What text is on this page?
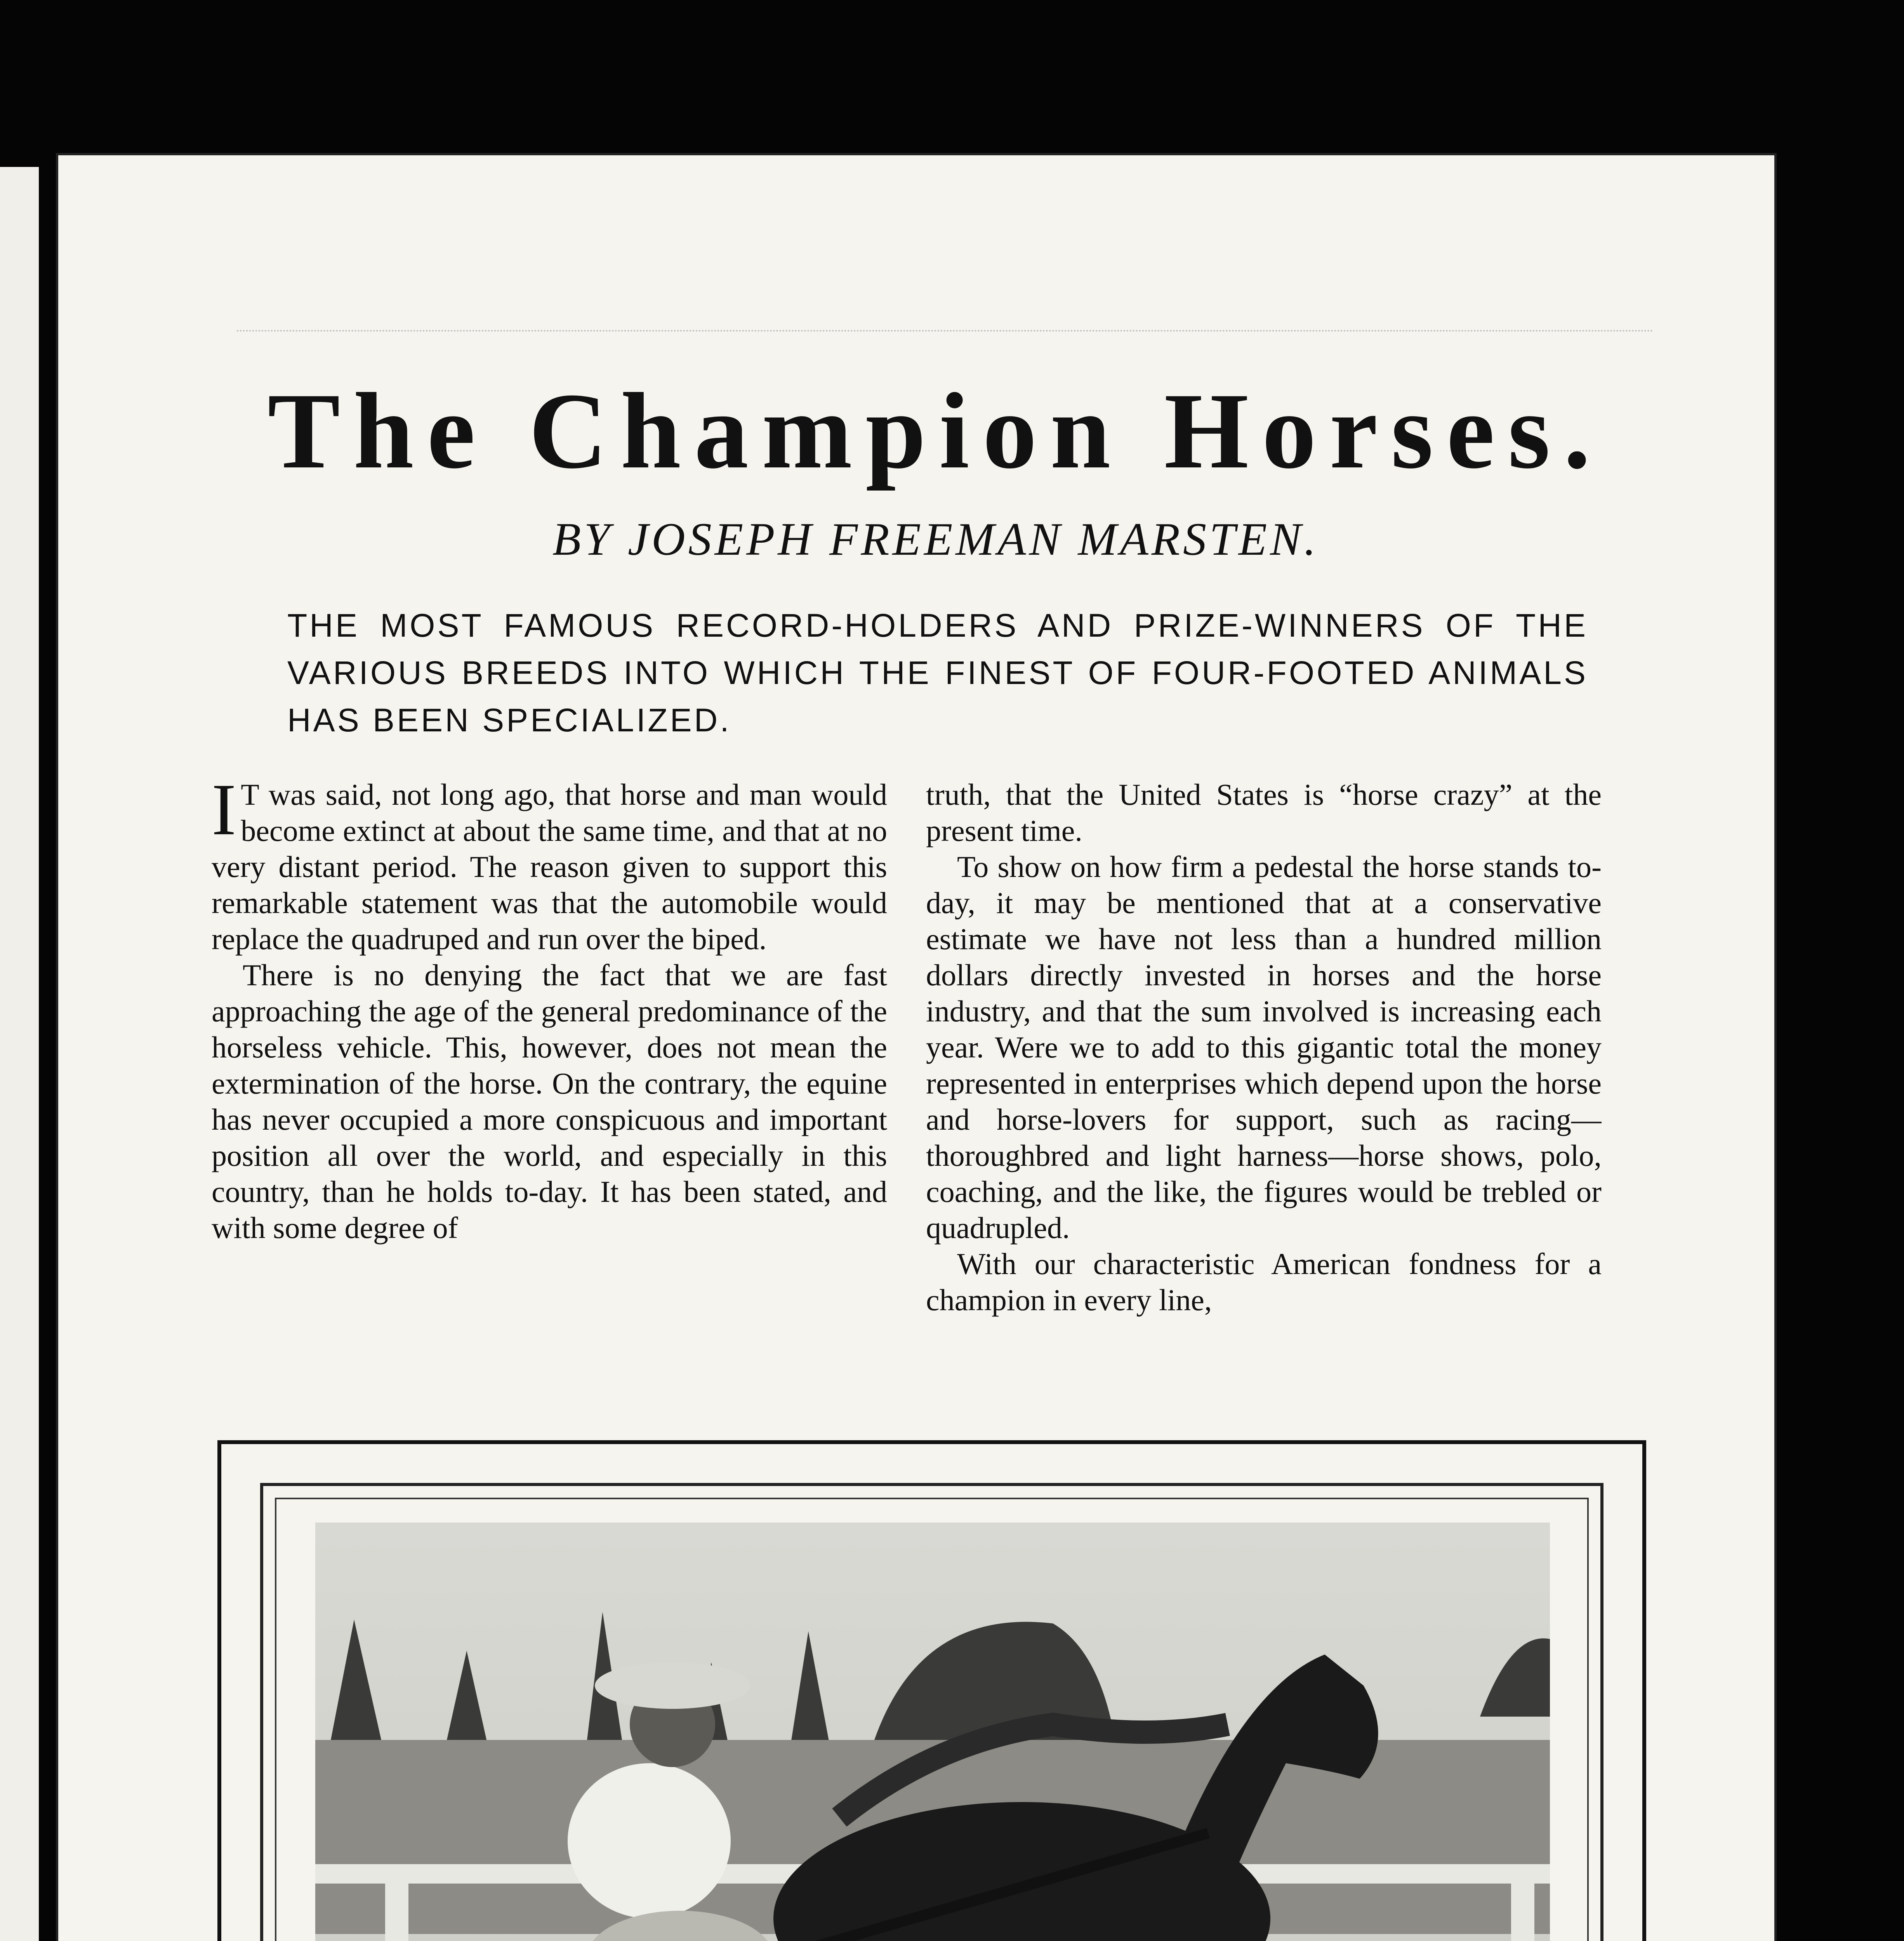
The Champion Horses.
BY JOSEPH FREEMAN MARSTEN.
THE MOST FAMOUS RECORD-HOLDERS AND PRIZE-WINNERS OF THE VARIOUS BREEDS INTO WHICH THE FINEST OF FOUR-FOOTED ANIMALS HAS BEEN SPECIALIZED.

I T was said, not long ago, that horse and man would become extinct at about the same time, and that at no very distant period. The reason given to support this remarkable statement was that the automobile would replace the quadruped and run over the biped.

There is no denying the fact that we are fast approaching the age of the general predominance of the horseless vehicle. This, however, does not mean the extermination of the horse. On the contrary, the equine has never occupied a more conspicuous and important position all over the world, and especially in this country, than he holds to-day. It has been stated, and with some degree of

truth, that the United States is “horse crazy” at the present time.

To show on how firm a pedestal the horse stands to-day, it may be mentioned that at a conservative estimate we have not less than a hundred million dollars directly invested in horses and the horse industry, and that the sum involved is increasing each year. Were we to add to this gigantic total the money represented in enterprises which depend upon the horse and horse-lovers for support, such as racing—thoroughbred and light harness—horse shows, polo, coaching, and the like, the figures would be trebled or quadrupled.

With our characteristic American fondness for a champion in every line,
